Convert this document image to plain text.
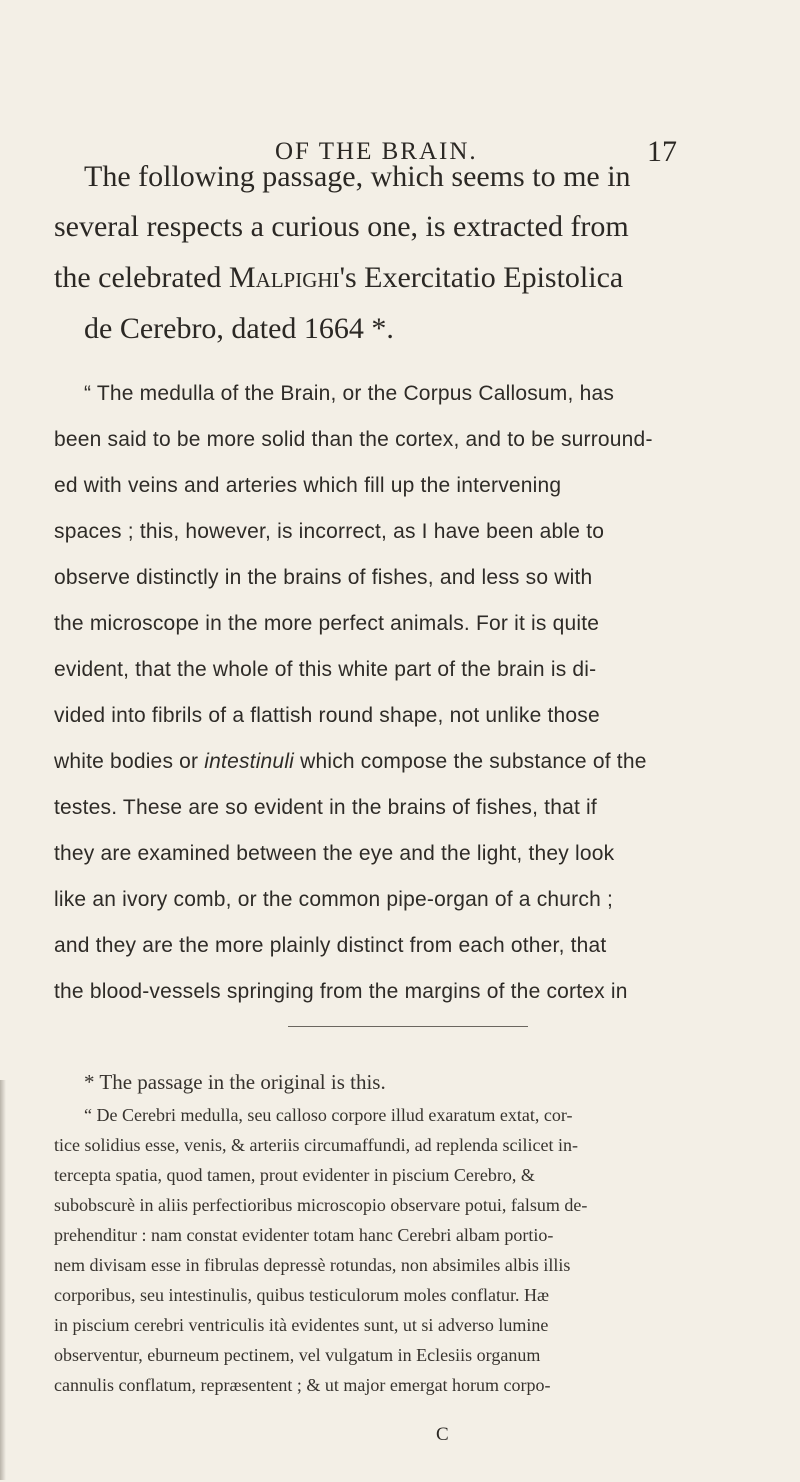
OF THE BRAIN.	17
The following passage, which seems to me in
several respects a curious one, is extracted from
the celebrated Malpighi's Exercitatio Epistolica
de Cerebro, dated 1664 *.
“ The medulla of the Brain, or the Corpus Callosum, has
been said to be more solid than the cortex, and to be surround-
ed with veins and arteries which fill up the intervening
spaces ; this, however, is incorrect, as I have been able to
observe distinctly in the brains of fishes, and less so with
the microscope in the more perfect animals. For it is quite
evident, that the whole of this white part of the brain is di-
vided into fibrils of a flattish round shape, not unlike those
white bodies or intestinuli which compose the substance of the
testes. These are so evident in the brains of fishes, that if
they are examined between the eye and the light, they look
like an ivory comb, or the common pipe-organ of a church ;
and they are the more plainly distinct from each other, that
the blood-vessels springing from the margins of the cortex in
* The passage in the original is this.
“ De Cerebri medulla, seu calloso corpore illud exaratum extat, cor-
tice solidius esse, venis, & arteriis circumaffundi, ad replenda scilicet in-
tercepta spatia, quod tamen, prout evidenter in piscium Cerebro, &
subobscurè in aliis perfectioribus microscopio observare potui, falsum de-
prehenditur : nam constat evidenter totam hanc Cerebri albam portio-
nem divisam esse in fibrulas depressè rotundas, non absimiles albis illis
corporibus, seu intestinulis, quibus testiculorum moles conflatur. Hæ
in piscium cerebri ventriculis ità evidentes sunt, ut si adverso lumine
observentur, eburneum pectinem, vel vulgatum in Eclesiis organum
cannulis conflatum, repræsentent ; & ut major emergat horum corpo-
C
